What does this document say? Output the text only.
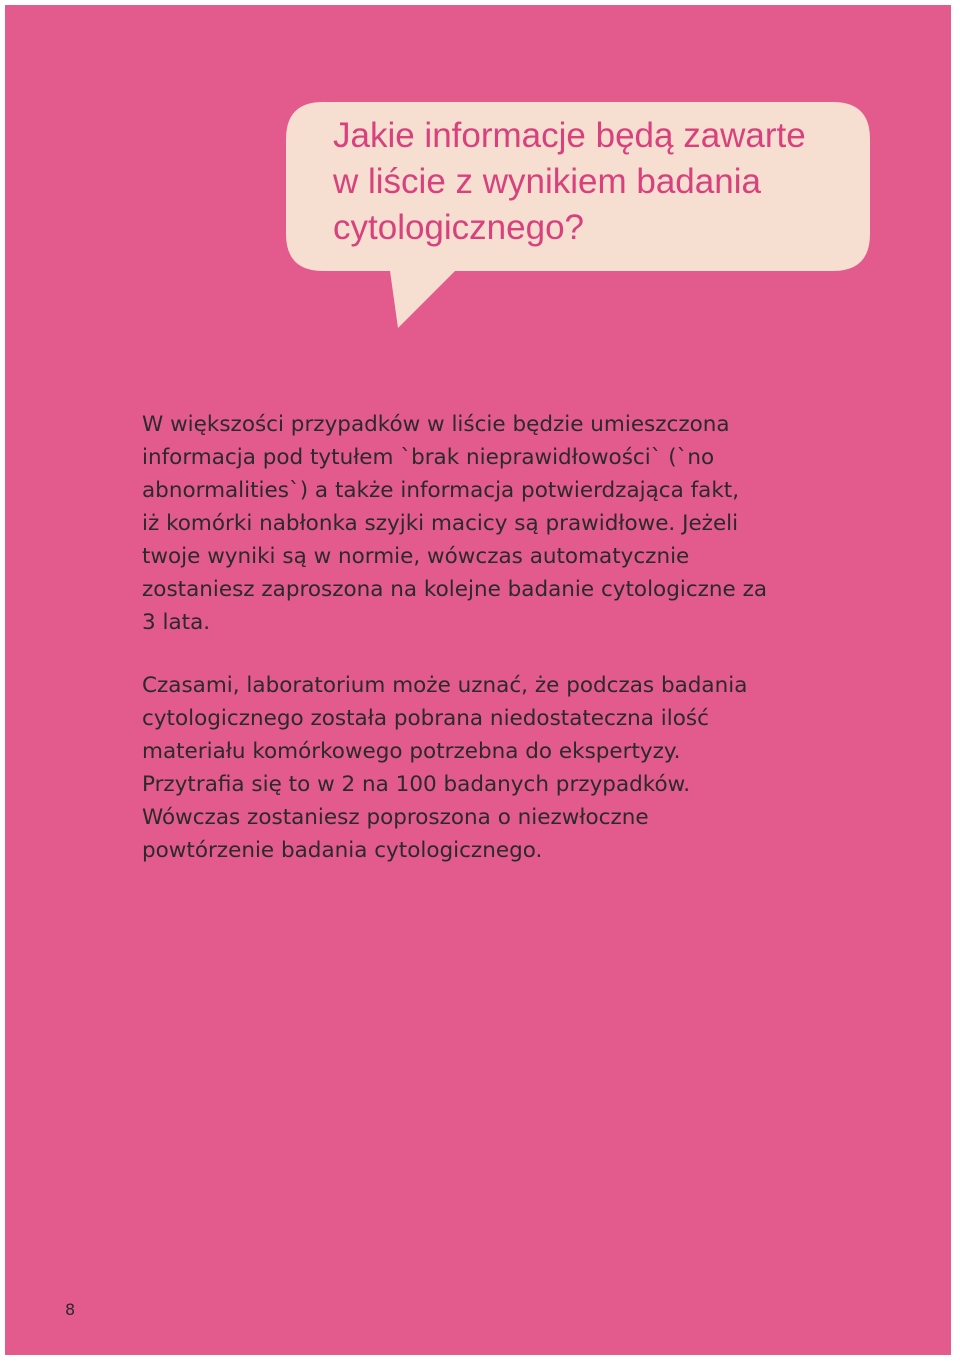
Jakie informacje będą zawarte
w liście z wynikiem badania
cytologicznego?

W większości przypadków w liście będzie umieszczona
informacja pod tytułem `brak nieprawidłowości` (`no
abnormalities`) a także informacja potwierdzająca fakt,
iż komórki nabłonka szyjki macicy są prawidłowe. Jeżeli
twoje wyniki są w normie, wówczas automatycznie
zostaniesz zaproszona na kolejne badanie cytologiczne za
3 lata.

Czasami, laboratorium może uznać, że podczas badania
cytologicznego została pobrana niedostateczna ilość
materiału komórkowego potrzebna do ekspertyzy.
Przytrafia się to w 2 na 100 badanych przypadków.
Wówczas zostaniesz poproszona o niezwłoczne
powtórzenie badania cytologicznego.

8
